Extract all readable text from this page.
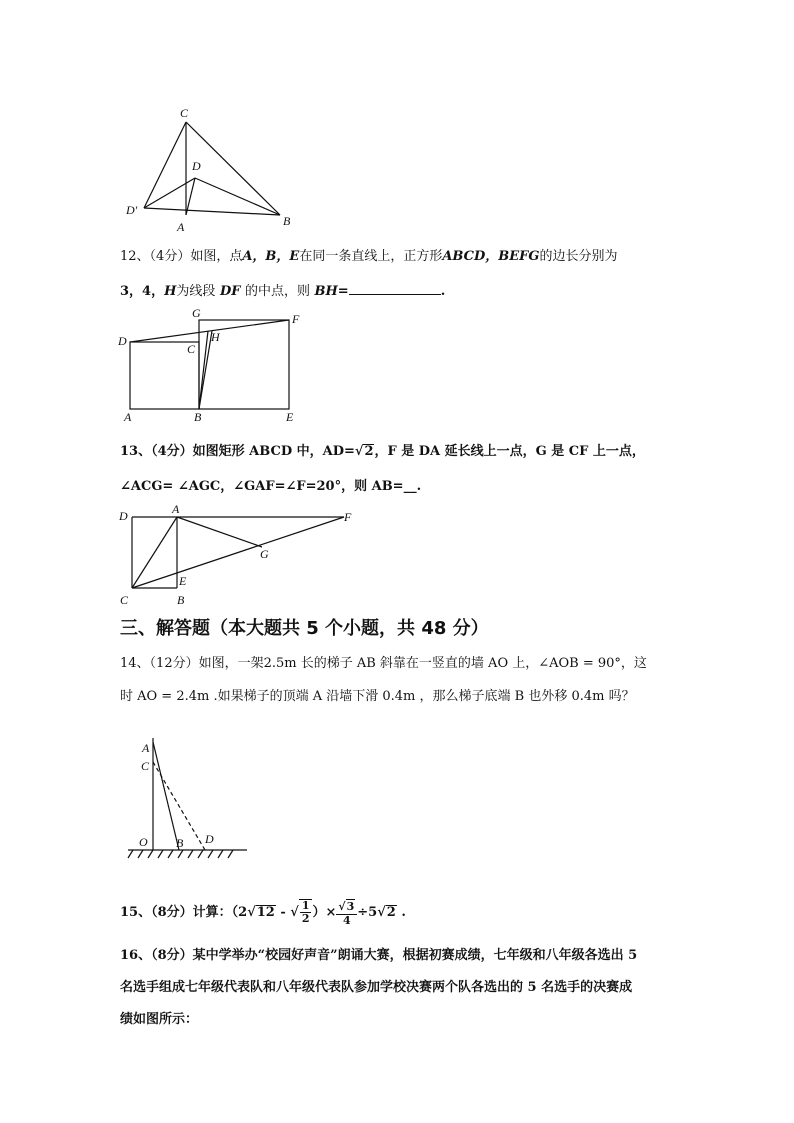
C
D
D′
A	B
12、（4分）如图，点A，B，E在同一条直线上，正方形ABCD，BEFG的边长分别为
3，4，H为线段 DF 的中点，则 BH=	.
G	F
D	H
C
A	B	E
13、（4分）如图矩形 ABCD 中，AD=√2，F 是 DA 延长线上一点，G 是 CF 上一点，
∠ACG= ∠AGC，∠GAF=∠F=20°，则 AB=__.
D	A
F
G
E
C	B
三、解答题（本大题共 5 个小题，共 48 分）
14、（12分）如图，一架2.5m 长的梯子 AB 斜靠在一竖直的墙 AO 上，∠AOB = 90°，这
时 AO = 2.4m .如果梯子的顶端 A 沿墙下滑 0.4m ，那么梯子底端 B 也外移 0.4m 吗？
A
C
O B D
15、（8分）计算：（2√12 - √ $\frac{1}{2}$ ）× $\frac{√3}{4} \div 5√2$ .
16、（8分）某中学举办“校园好声音”朗诵大赛，根据初赛成绩，七年级和八年级各选出 5
名选手组成七年级代表队和八年级代表队参加学校决赛两个队各选出的 5 名选手的决赛成
绩如图所示：
